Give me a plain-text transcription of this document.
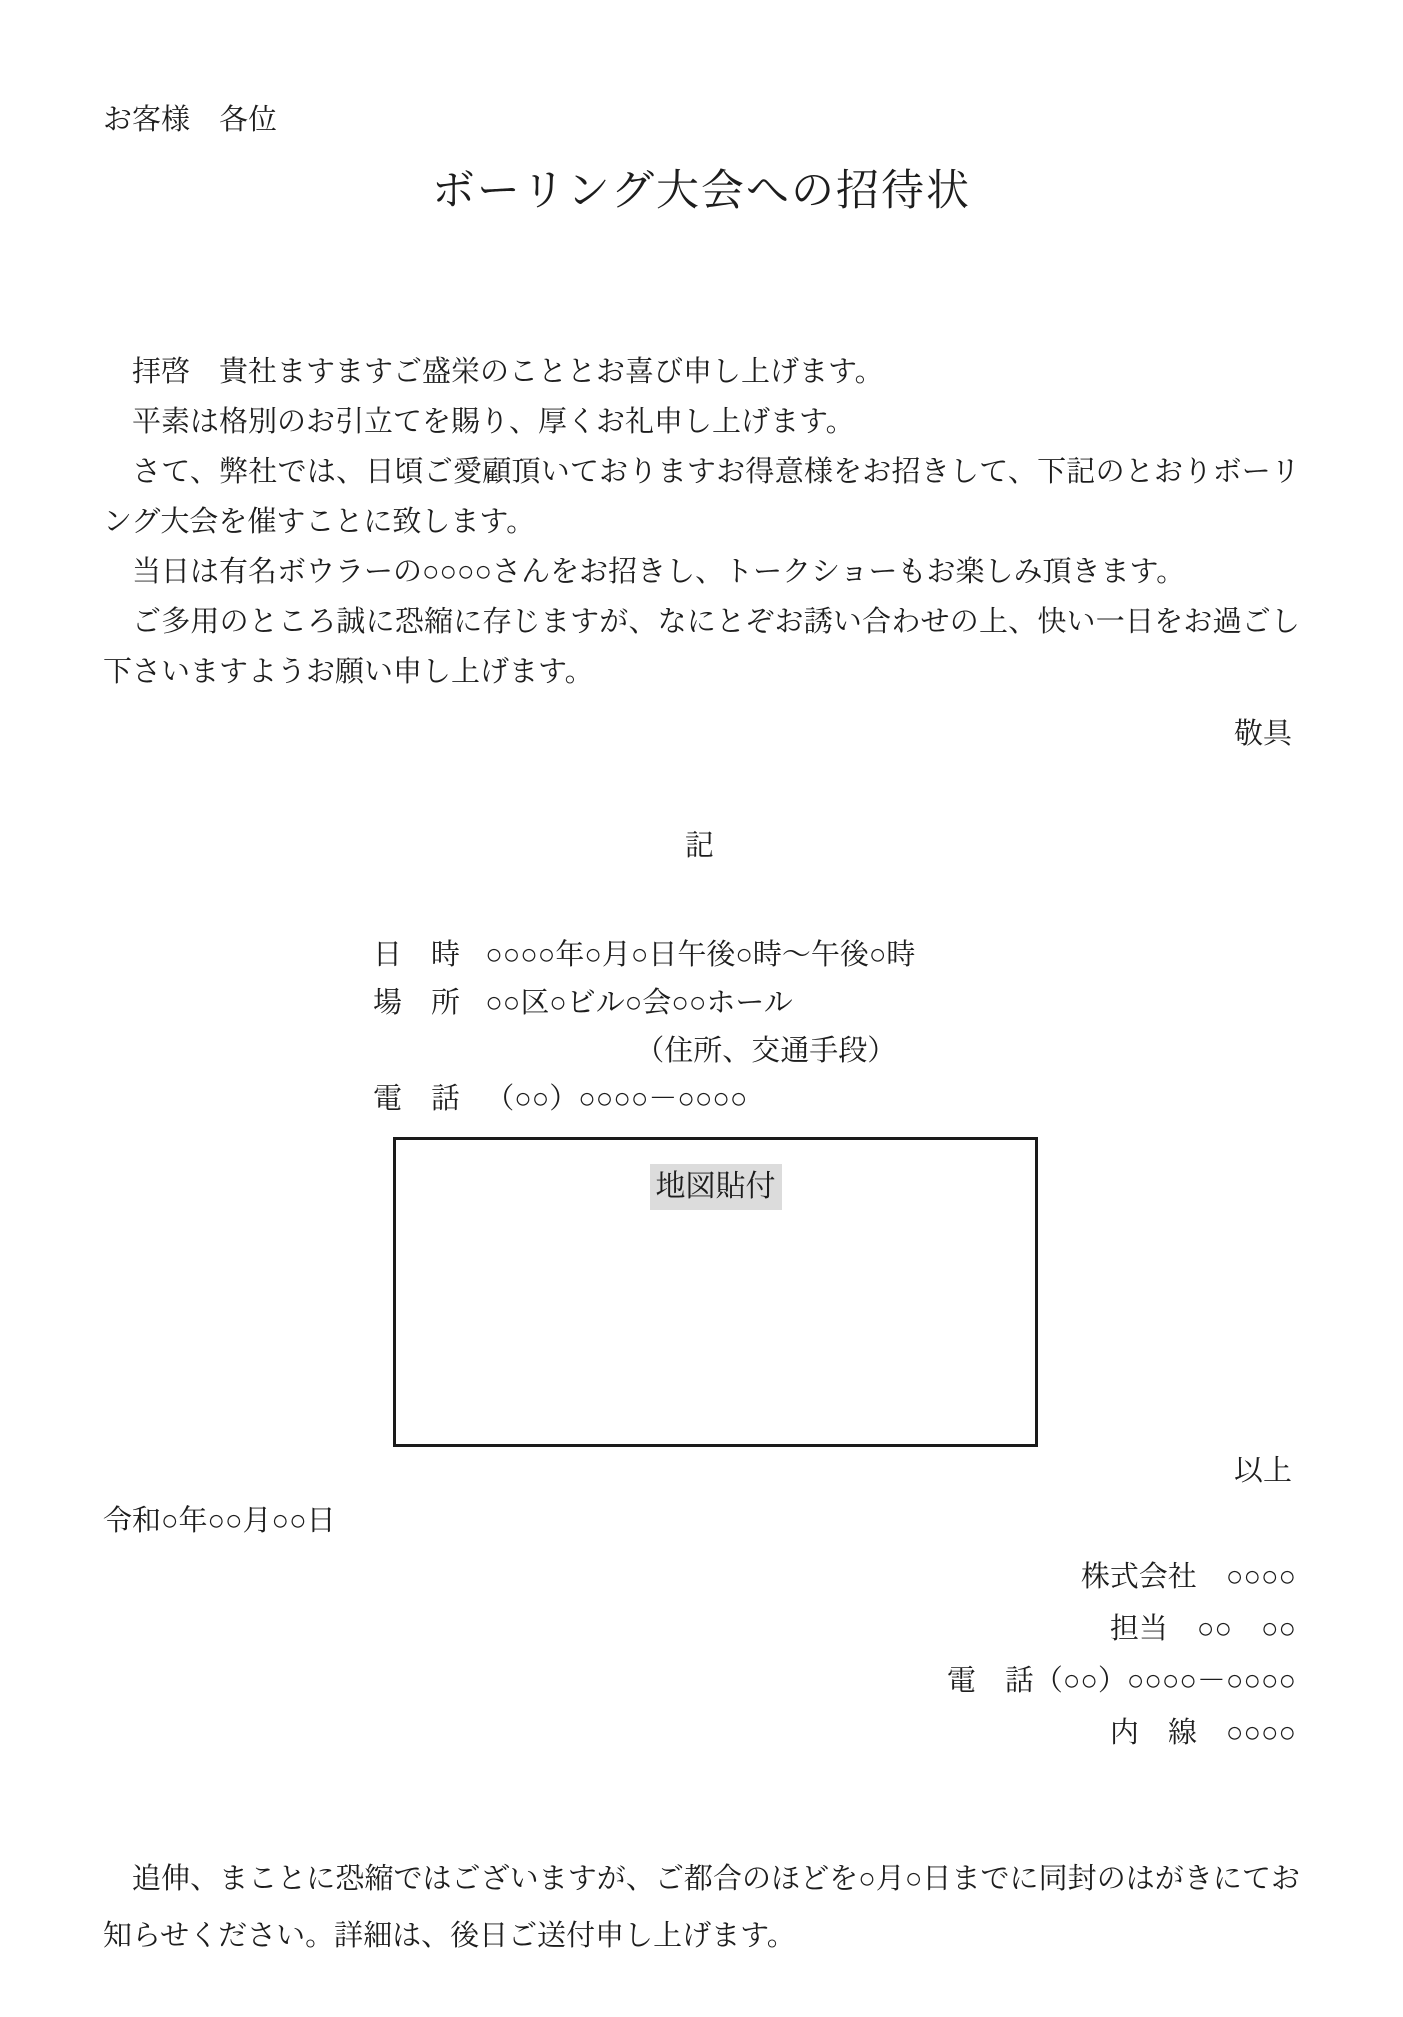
お客様　各位
ボーリング大会への招待状

拝啓　貴社ますますご盛栄のこととお喜び申し上げます。

平素は格別のお引立てを賜り、厚くお礼申し上げます。

さて、弊社では、日頃ご愛顧頂いておりますお得意様をお招きして、下記のとおりボーリング大会を催すことに致します。

当日は有名ボウラーの○○○○さんをお招きし、トークショーもお楽しみ頂きます。

ご多用のところ誠に恐縮に存じますが、なにとぞお誘い合わせの上、快い一日をお過ごし下さいますようお願い申し上げます。

敬具
記
日　時 ○○○○年○月○日午後○時～午後○時
場　所 ○○区○ビル○会○○ホール
（住所、交通手段）
電　話 （○○）○○○○－○○○○
地図貼付
以上
令和○年○○月○○日
株式会社　○○○○
担当　○○　○○
電　話（○○）○○○○－○○○○
内　線　○○○○

追伸、まことに恐縮ではございますが、ご都合のほどを○月○日までに同封のはがきにてお知らせください。詳細は、後日ご送付申し上げます。
